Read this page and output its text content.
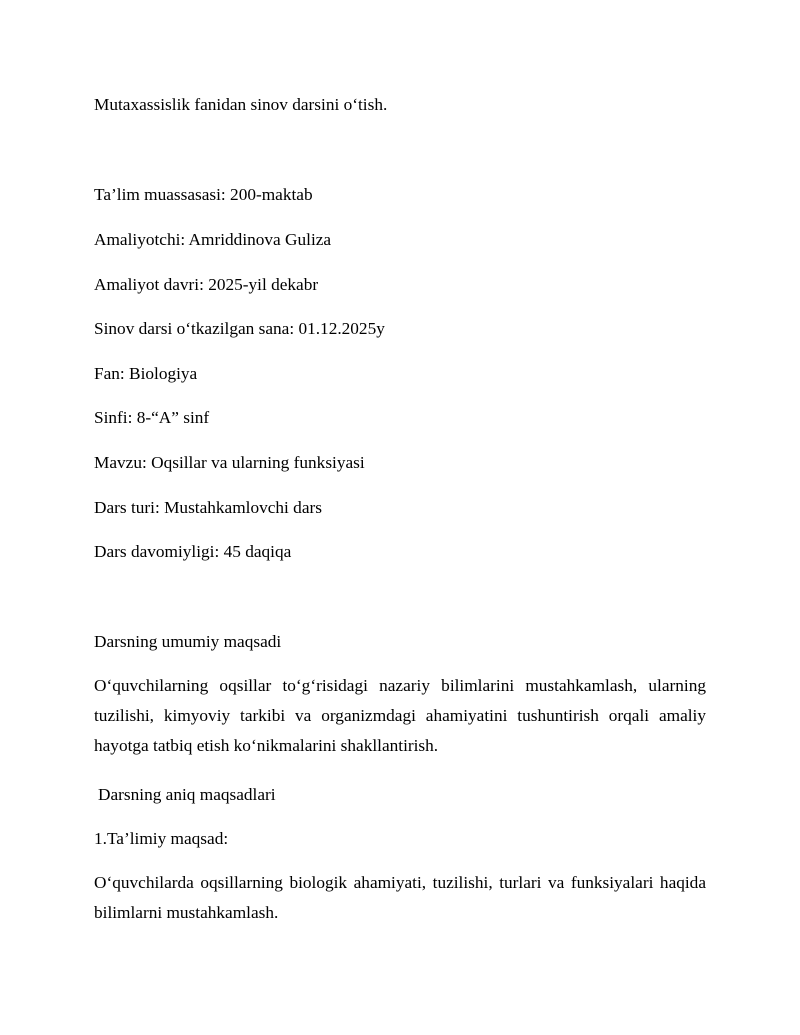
Mutaxassislik fanidan sinov darsini o‘tish.
Ta’lim muassasasi: 200-maktab
Amaliyotchi: Amriddinova Guliza
Amaliyot davri: 2025-yil dekabr
Sinov darsi o‘tkazilgan sana: 01.12.2025y
Fan: Biologiya
Sinfi: 8-“A” sinf
Mavzu: Oqsillar va ularning funksiyasi
Dars turi: Mustahkamlovchi dars
Dars davomiyligi: 45 daqiqa
Darsning umumiy maqsadi
O‘quvchilarning oqsillar to‘g‘risidagi nazariy bilimlarini mustahkamlash, ularning tuzilishi, kimyoviy tarkibi va organizmdagi ahamiyatini tushuntirish orqali amaliy hayotga tatbiq etish ko‘nikmalarini shakllantirish.
Darsning aniq maqsadlari
1.Ta’limiy maqsad:
O‘quvchilarda oqsillarning biologik ahamiyati, tuzilishi, turlari va funksiyalari haqida bilimlarni mustahkamlash.
